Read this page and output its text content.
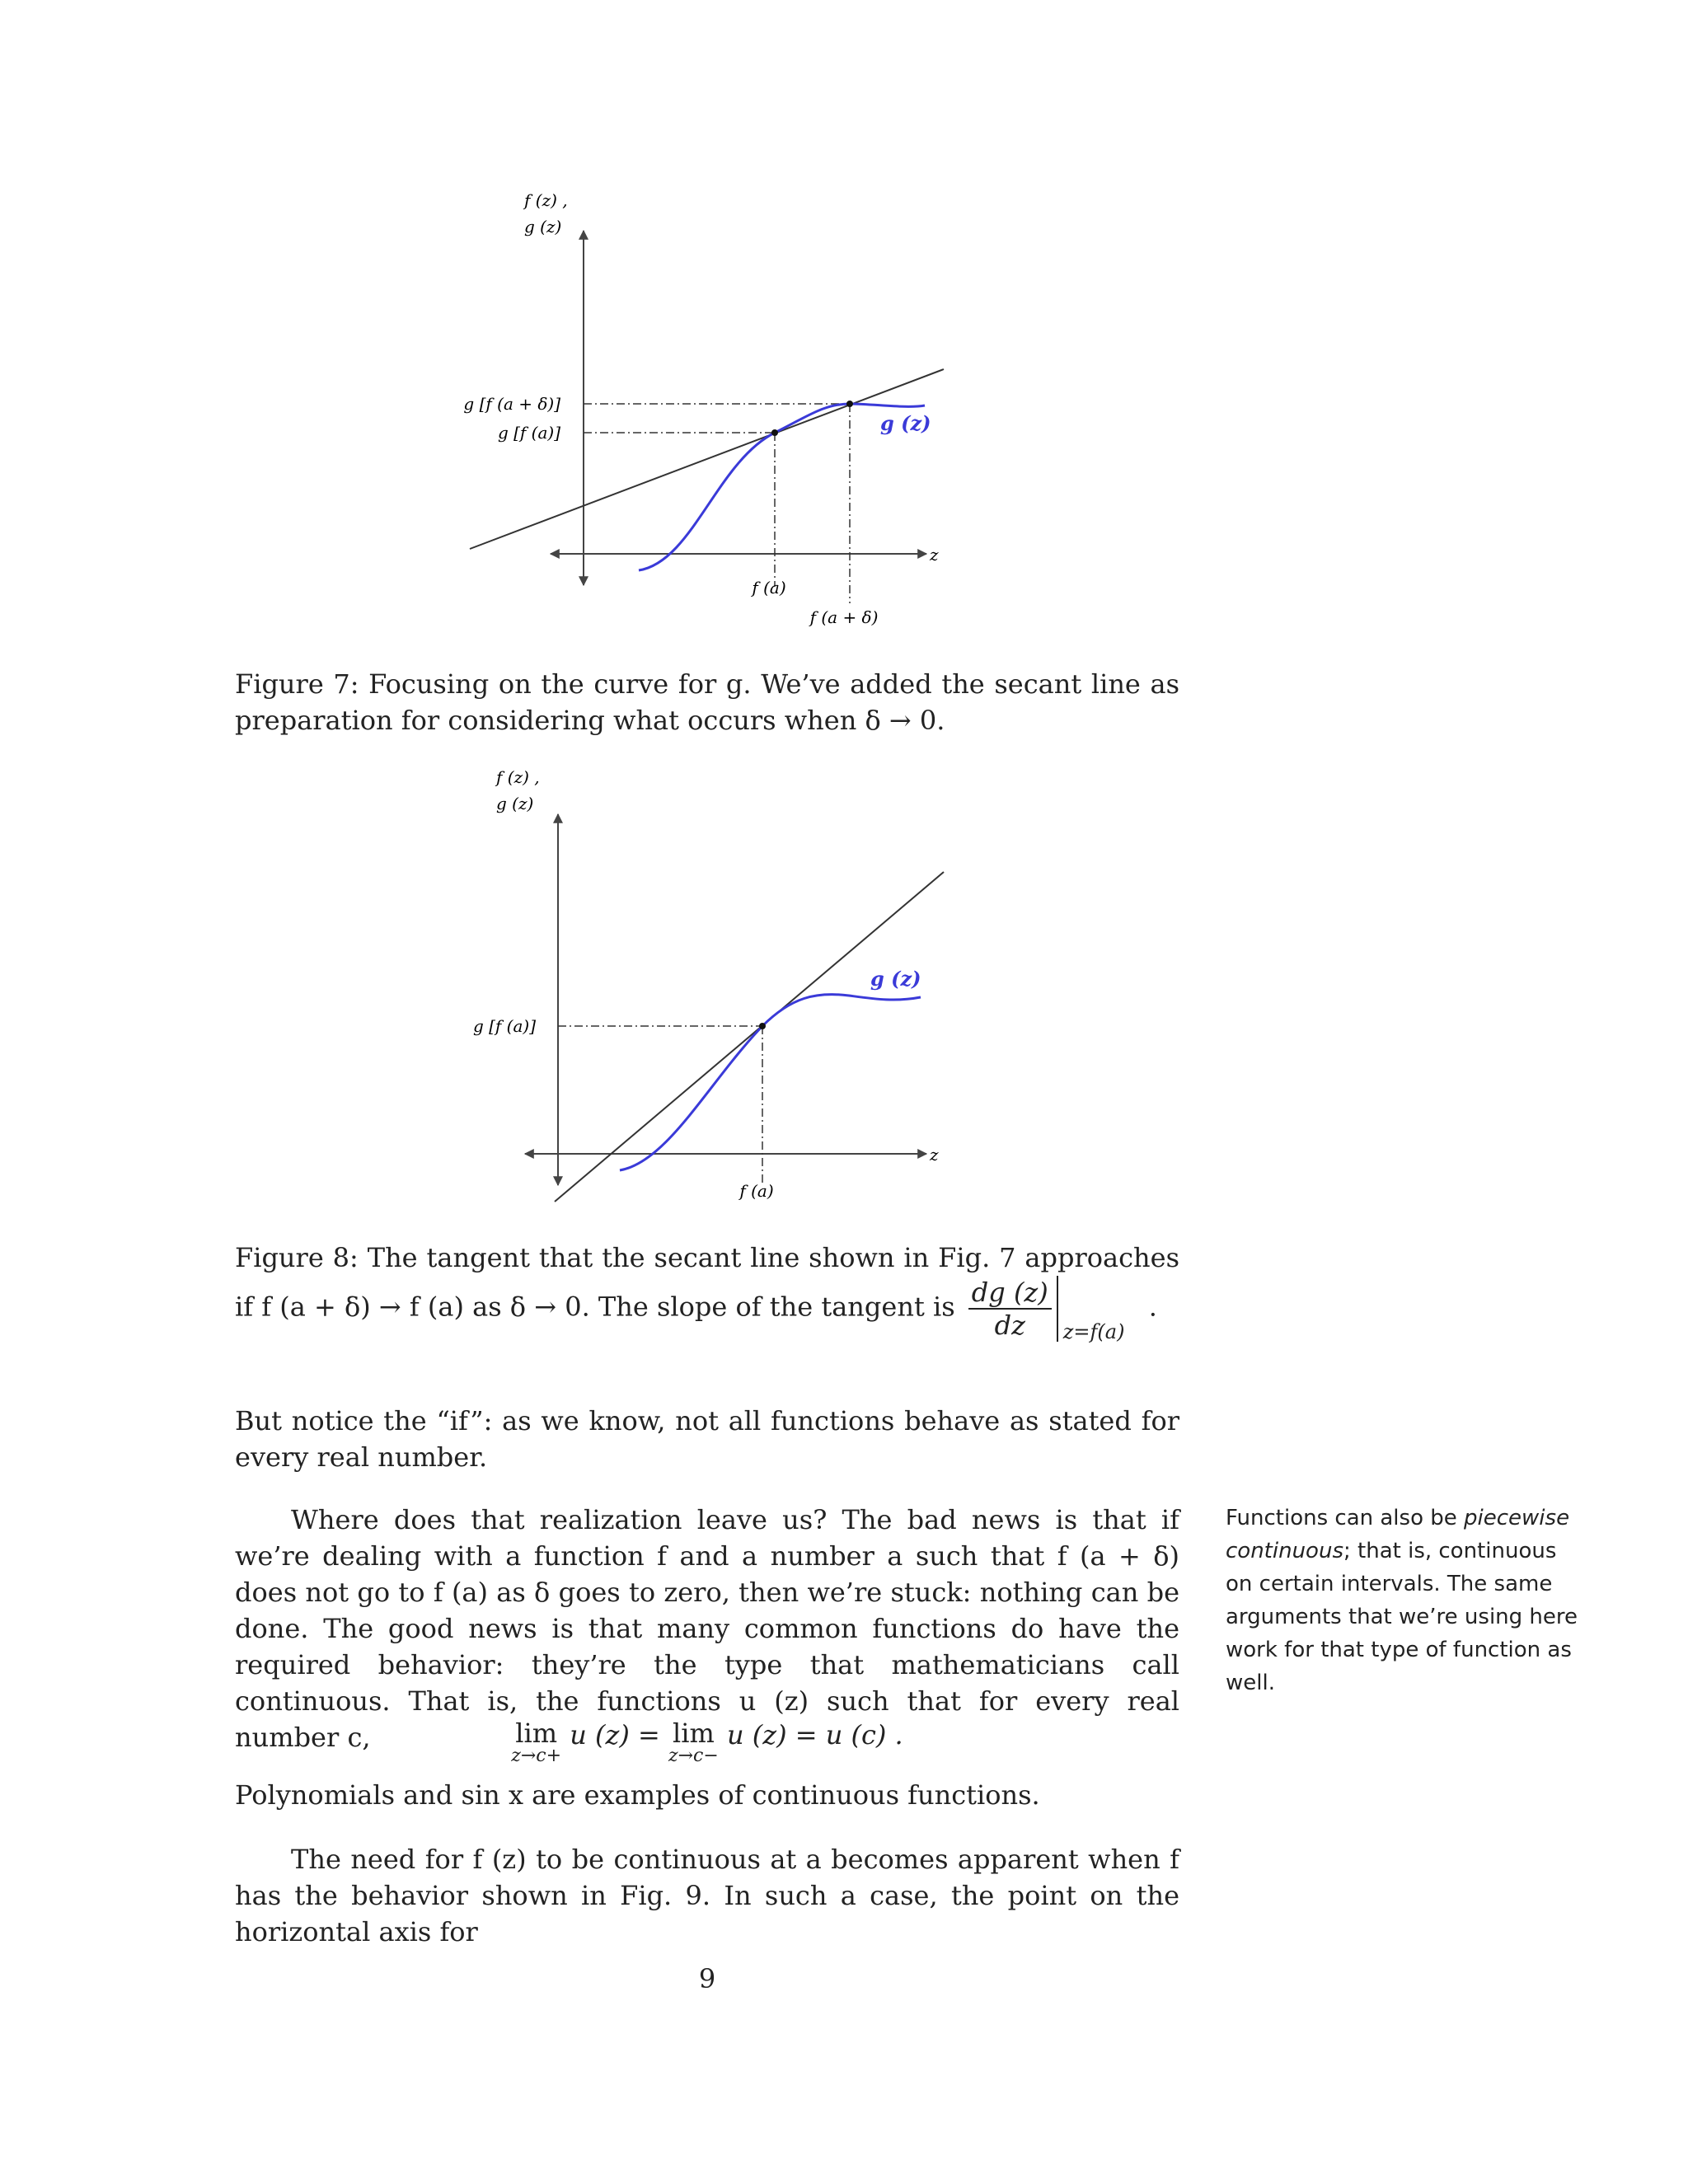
f (z) ,
g (z)
z
g (z)
g [f (a + δ)]
g [f (a)]
f (a)
f (a + δ)
Figure 7: Focusing on the curve for g. We’ve added the secant line as preparation for considering what occurs when δ → 0.
f (z) ,
g (z)
z
g (z)
g [f (a)]
f (a)
Figure 8: The tangent that the secant line shown in Fig. 7 approaches if f (a + δ) → f (a) as δ → 0. The slope of the tangent is $\frac{dg (z)}{dz} z=f(a)$
.
But notice the “if”: as we know, not all functions behave as stated for every real number.
Where does that realization leave us? The bad news is that if we’re dealing with a function f and a number a such that f (a + δ) does not go to f (a) as δ goes to zero, then we’re stuck: nothing can be done. The good news is that many common functions do have the required behavior: they’re the type that mathematicians call continuous. That is, the functions u (z) such that for every real number c,	lim
z→c+
u (z) = lim
z→c−
u (z) = u (c) .
Polynomials and sin x are examples of continuous functions.
The need for f (z) to be continuous at a becomes apparent when f has the behavior shown in Fig. 9. In such a case, the point on the horizontal axis for
Functions can also be piecewise continuous; that is, continuous on certain intervals. The same arguments that we’re using here work for that type of function as well.
9
